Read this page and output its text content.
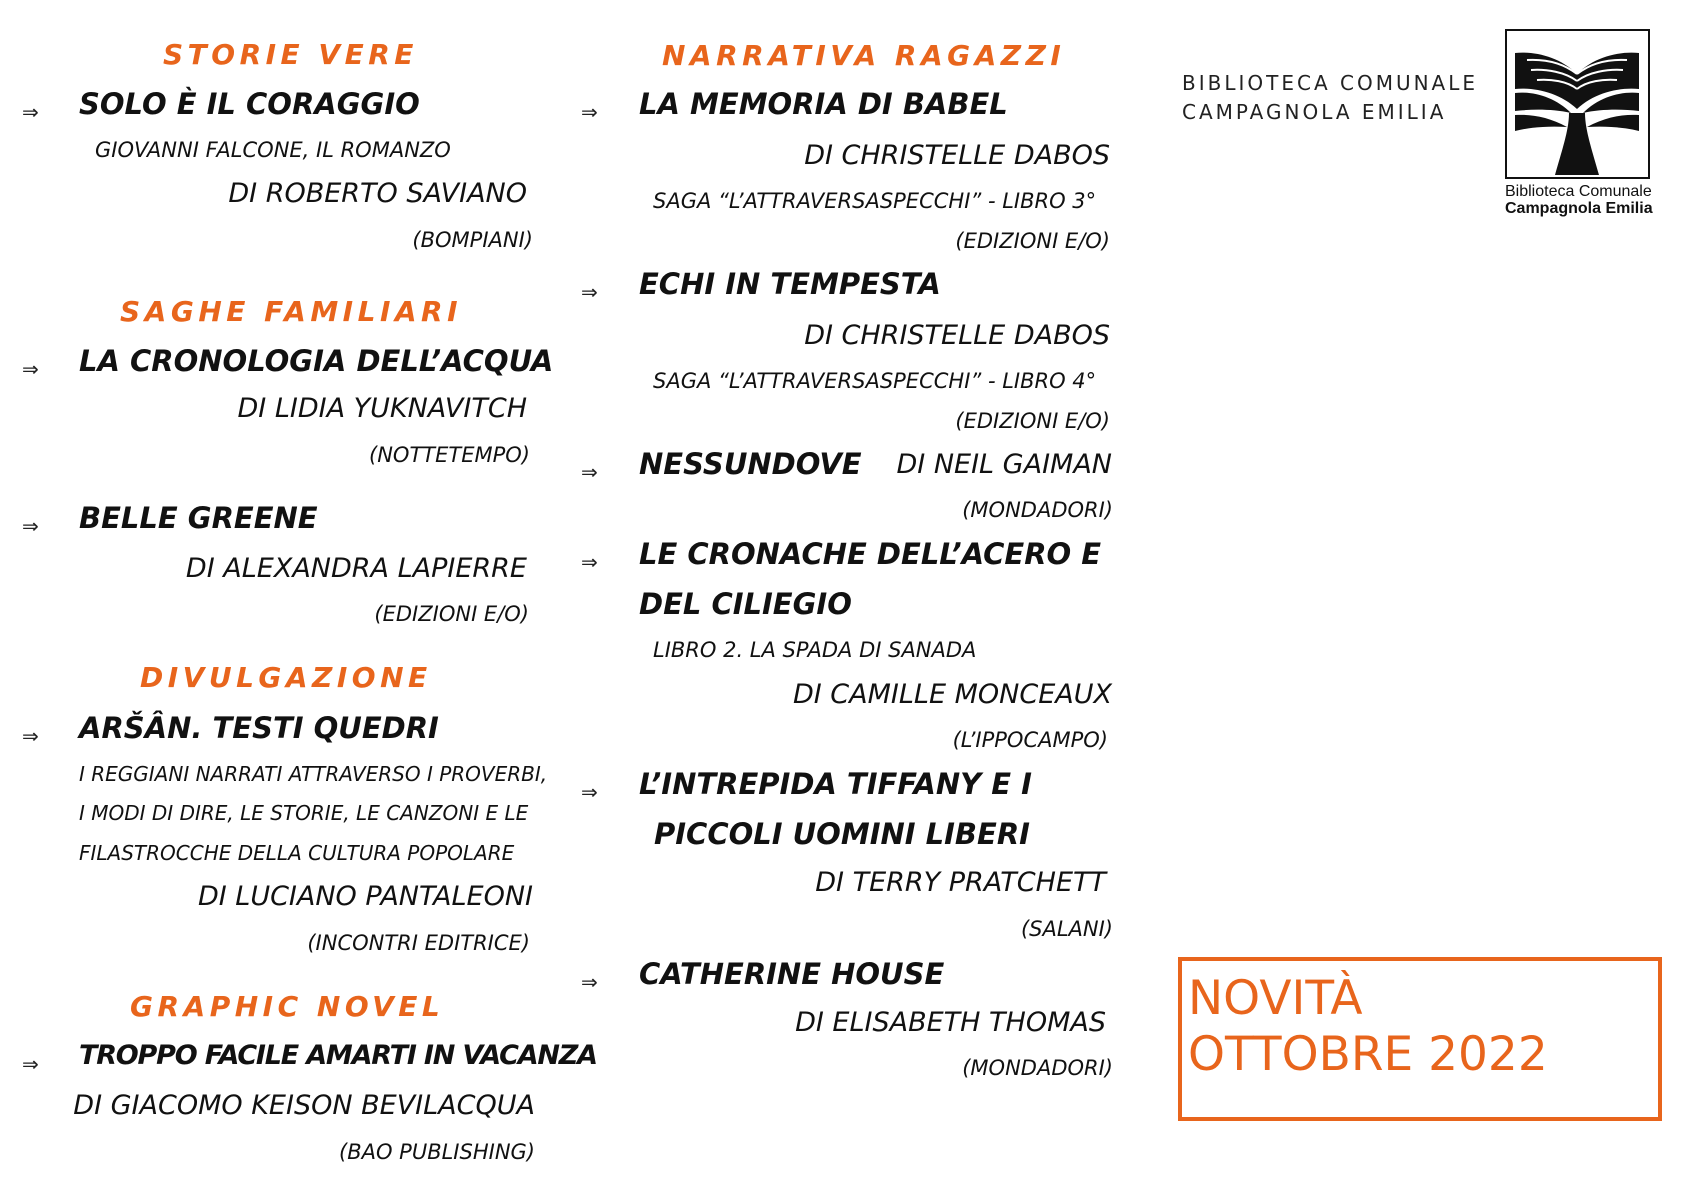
STORIE VERE
⇒ SOLO È IL CORAGGIO
GIOVANNI FALCONE, IL ROMANZO
DI ROBERTO SAVIANO
(BOMPIANI)
SAGHE FAMILIARI
⇒ LA CRONOLOGIA DELL’ACQUA
DI LIDIA YUKNAVITCH
(NOTTETEMPO)
⇒ BELLE GREENE
DI ALEXANDRA LAPIERRE
(EDIZIONI E/O)
DIVULGAZIONE
⇒ ARŠÂN. TESTI QUEDRI
I REGGIANI NARRATI ATTRAVERSO I PROVERBI,
I MODI DI DIRE, LE STORIE, LE CANZONI E LE
FILASTROCCHE DELLA CULTURA POPOLARE
DI LUCIANO PANTALEONI
(INCONTRI EDITRICE)
GRAPHIC NOVEL
⇒ TROPPO FACILE AMARTI IN VACANZA
DI GIACOMO KEISON BEVILACQUA
(BAO PUBLISHING)
NARRATIVA RAGAZZI
⇒ LA MEMORIA DI BABEL
DI CHRISTELLE DABOS
SAGA “L’ATTRAVERSASPECCHI” - LIBRO 3°
(EDIZIONI E/O)
⇒ ECHI IN TEMPESTA
DI CHRISTELLE DABOS
SAGA “L’ATTRAVERSASPECCHI” - LIBRO 4°
(EDIZIONI E/O)
⇒ NESSUNDOVE DI NEIL GAIMAN
(MONDADORI)
⇒ LE CRONACHE DELL’ACERO E
DEL CILIEGIO
LIBRO 2. LA SPADA DI SANADA
DI CAMILLE MONCEAUX
(L’IPPOCAMPO)
⇒ L’INTREPIDA TIFFANY E I
PICCOLI UOMINI LIBERI
DI TERRY PRATCHETT
(SALANI)
⇒ CATHERINE HOUSE
DI ELISABETH THOMAS
(MONDADORI)
BIBLIOTECA COMUNALE
CAMPAGNOLA EMILIA
Biblioteca Comunale
Campagnola Emilia
NOVITÀ
OTTOBRE 2022
